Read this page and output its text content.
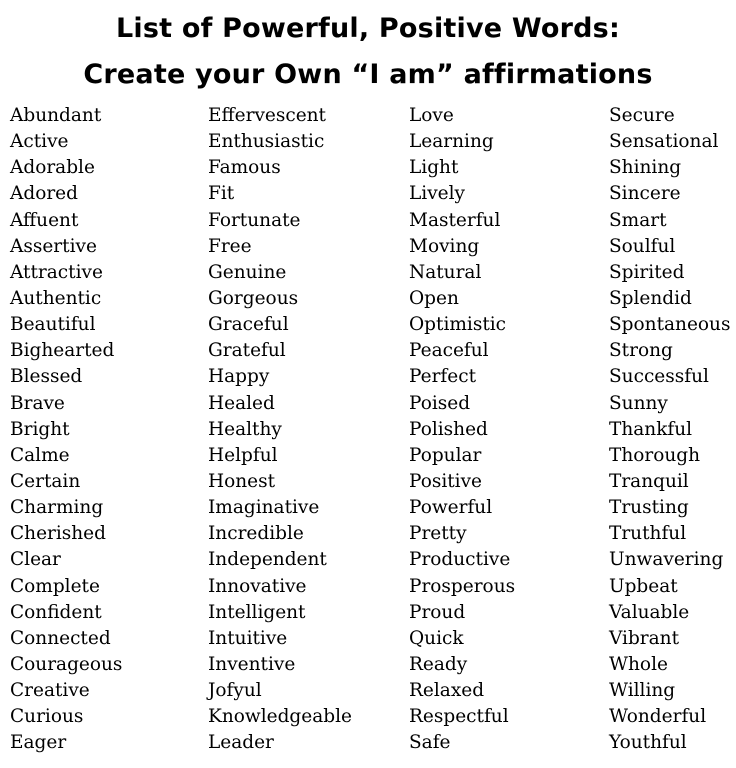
List of Powerful, Positive Words:
Create your Own “I am” affirmations
Abundant
Active
Adorable
Adored
Affuent
Assertive
Attractive
Authentic
Beautiful
Bighearted
Blessed
Brave
Bright
Calme
Certain
Charming
Cherished
Clear
Complete
Confident
Connected
Courageous
Creative
Curious
Eager
Effervescent
Enthusiastic
Famous
Fit
Fortunate
Free
Genuine
Gorgeous
Graceful
Grateful
Happy
Healed
Healthy
Helpful
Honest
Imaginative
Incredible
Independent
Innovative
Intelligent
Intuitive
Inventive
Jofyul
Knowledgeable
Leader
Love
Learning
Light
Lively
Masterful
Moving
Natural
Open
Optimistic
Peaceful
Perfect
Poised
Polished
Popular
Positive
Powerful
Pretty
Productive
Prosperous
Proud
Quick
Ready
Relaxed
Respectful
Safe
Secure
Sensational
Shining
Sincere
Smart
Soulful
Spirited
Splendid
Spontaneous
Strong
Successful
Sunny
Thankful
Thorough
Tranquil
Trusting
Truthful
Unwavering
Upbeat
Valuable
Vibrant
Whole
Willing
Wonderful
Youthful
